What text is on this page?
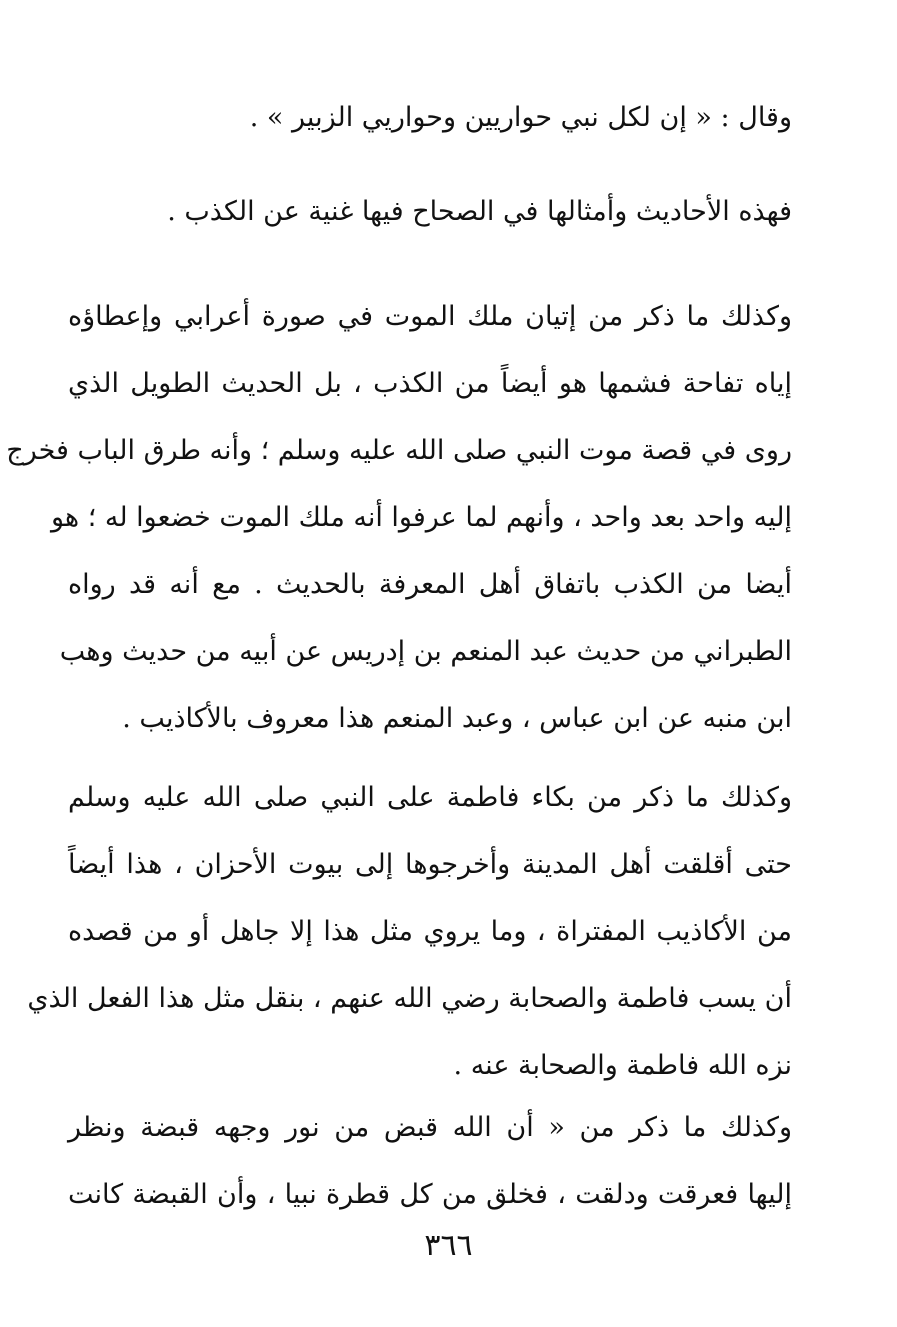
وقال : « إن لكل نبي حواريين وحواريي الزبير » .

فهذه الأحاديث وأمثالها في الصحاح فيها غنية عن الكذب .

وكذلك ما ذكر من إتيان ملك الموت في صورة أعرابي وإعطاؤه
إياه تفاحة فشمها هو أيضاً من الكذب ، بل الحديث الطويل الذي
روى في قصة موت النبي صلى الله عليه وسلم ؛ وأنه طرق الباب فخرج
إليه واحد بعد واحد ، وأنهم لما عرفوا أنه ملك الموت خضعوا له ؛ هو
أيضا من الكذب باتفاق أهل المعرفة بالحديث . مع أنه قد رواه
الطبراني من حديث عبد المنعم بن إدريس عن أبيه من حديث وهب
ابن منبه عن ابن عباس ، وعبد المنعم هذا معروف بالأكاذيب .

وكذلك ما ذكر من بكاء فاطمة على النبي صلى الله عليه وسلم
حتى أقلقت أهل المدينة وأخرجوها إلى بيوت الأحزان ، هذا أيضاً
من الأكاذيب المفتراة ، وما يروي مثل هذا إلا جاهل أو من قصده
أن يسب فاطمة والصحابة رضي الله عنهم ، بنقل مثل هذا الفعل الذي
نزه الله فاطمة والصحابة عنه .

وكذلك ما ذكر من « أن الله قبض من نور وجهه قبضة ونظر
إليها فعرقت ودلقت ، فخلق من كل قطرة نبيا ، وأن القبضة كانت

٣٦٦
